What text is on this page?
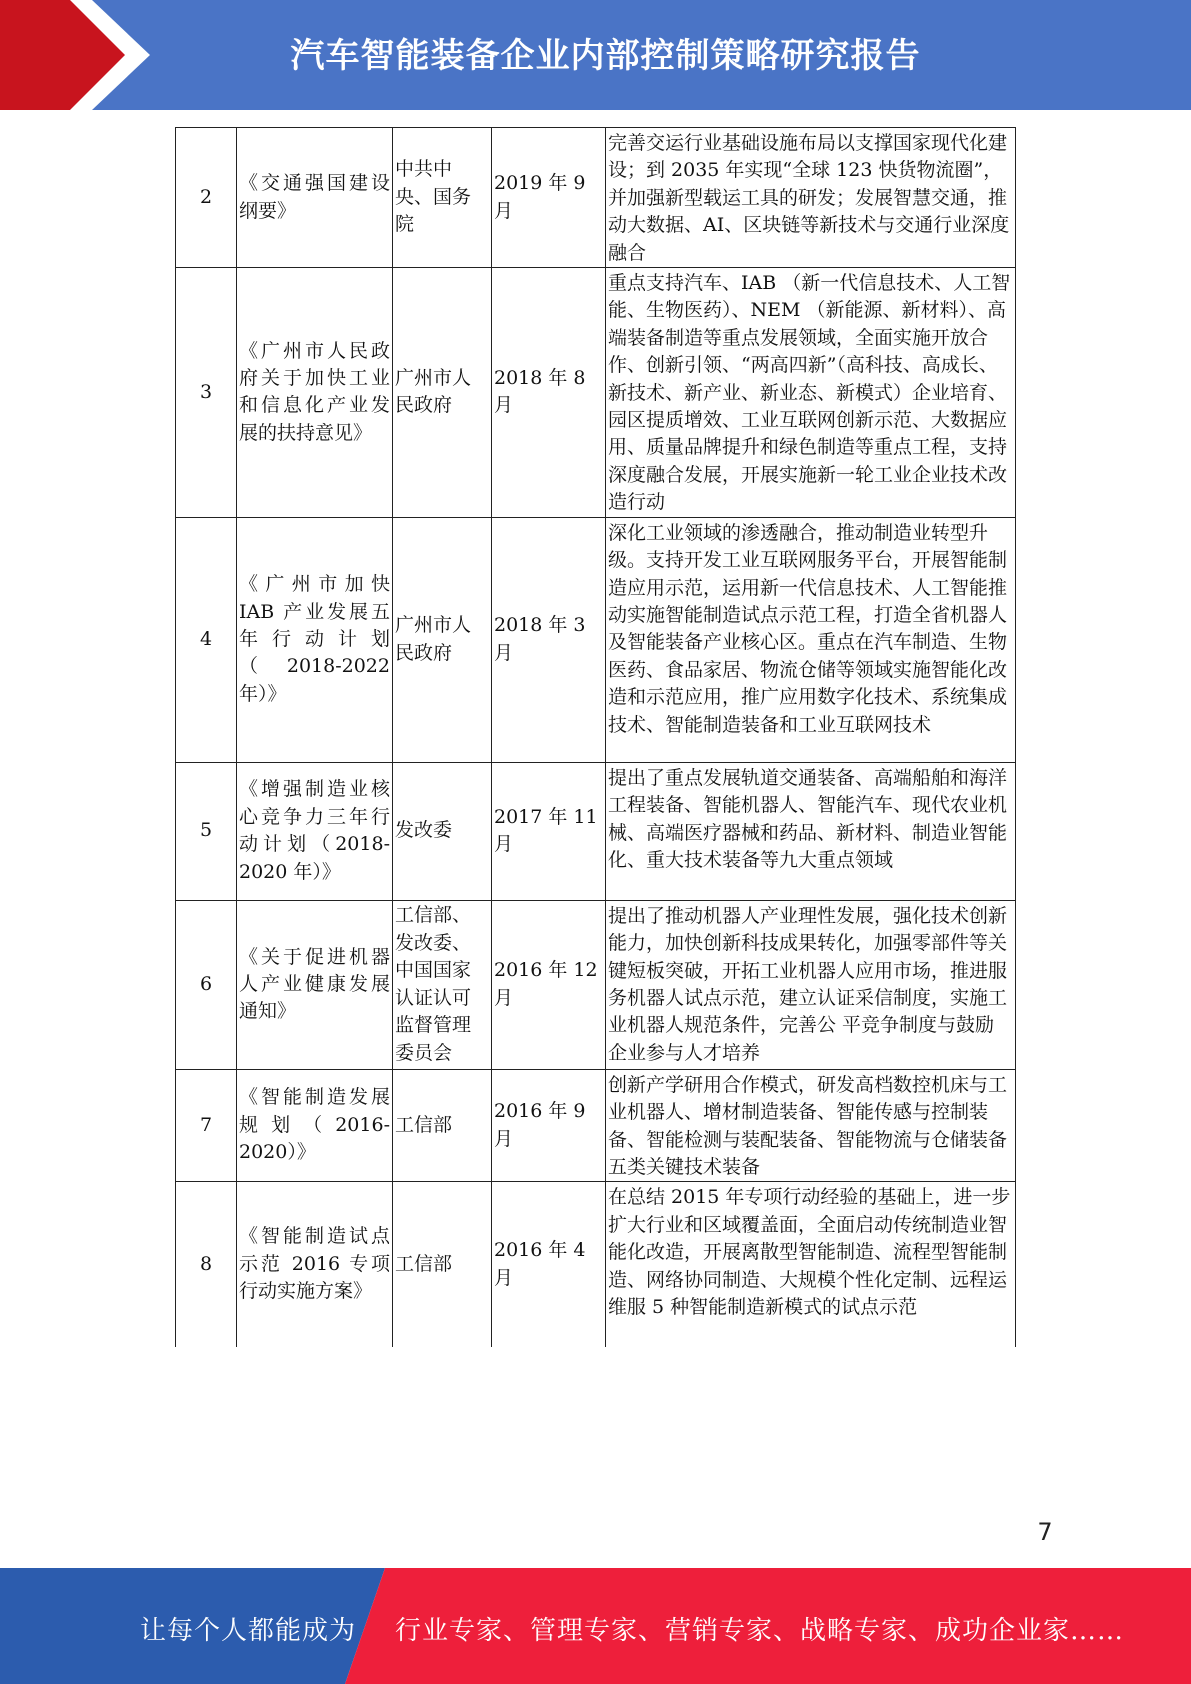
汽车智能装备企业内部控制策略研究报告
2	《交通强国建设纲要》	中共中央、国务院	2019 年 9 月	完善交运行业基础设施布局以支撑国家现代化建设；到 2035 年实现“全球 123 快货物流圈”，并加强新型载运工具的研发；发展智慧交通，推动大数据、AI、区块链等新技术与交通行业深度融合
3	《广州市人民政府关于加快工业和信息化产业发展的扶持意见》	广州市人民政府	2018 年 8 月	重点支持汽车、IAB （新一代信息技术、人工智能、生物医药）、NEM （新能源、新材料）、高端装备制造等重点发展领域，全面实施开放合作、创新引领、“两高四新”（高科技、高成长、新技术、新产业、新业态、新模式）企业培育、园区提质增效、工业互联网创新示范、大数据应用、质量品牌提升和绿色制造等重点工程，支持深度融合发展，开展实施新一轮工业企业技术改造行动
4	《广州市加快 IAB 产业发展五年行动计划（2018-2022 年）》	广州市人民政府	2018 年 3 月	深化工业领域的渗透融合，推动制造业转型升级。支持开发工业互联网服务平台，开展智能制造应用示范，运用新一代信息技术、人工智能推动实施智能制造试点示范工程，打造全省机器人及智能装备产业核心区。重点在汽车制造、生物医药、食品家居、物流仓储等领域实施智能化改造和示范应用，推广应用数字化技术、系统集成技术、智能制造装备和工业互联网技术
5	《增强制造业核心竞争力三年行动计划（2018-2020 年）》	发改委	2017 年 11 月	提出了重点发展轨道交通装备、高端船舶和海洋工程装备、智能机器人、智能汽车、现代农业机械、高端医疗器械和药品、新材料、制造业智能化、重大技术装备等九大重点领域
6	《关于促进机器人产业健康发展通知》	工信部、发改委、中国国家认证认可监督管理委员会	2016 年 12 月	提出了推动机器人产业理性发展，强化技术创新能力，加快创新科技成果转化，加强零部件等关键短板突破，开拓工业机器人应用市场，推进服务机器人试点示范，建立认证采信制度，实施工业机器人规范条件，完善公 平竞争制度与鼓励企业参与人才培养
7	《智能制造发展规划（2016-2020）》	工信部	2016 年 9 月	创新产学研用合作模式，研发高档数控机床与工业机器人、增材制造装备、智能传感与控制装备、智能检测与装配装备、智能物流与仓储装备五类关键技术装备
8	《智能制造试点示范 2016 专项行动实施方案》	工信部	2016 年 4 月	在总结 2015 年专项行动经验的基础上，进一步扩大行业和区域覆盖面，全面启动传统制造业智能化改造，开展离散型智能制造、流程型智能制造、网络协同制造、大规模个性化定制、远程运维服 5 种智能制造新模式的试点示范
7
让每个人都能成为 行业专家、管理专家、营销专家、战略专家、成功企业家……
